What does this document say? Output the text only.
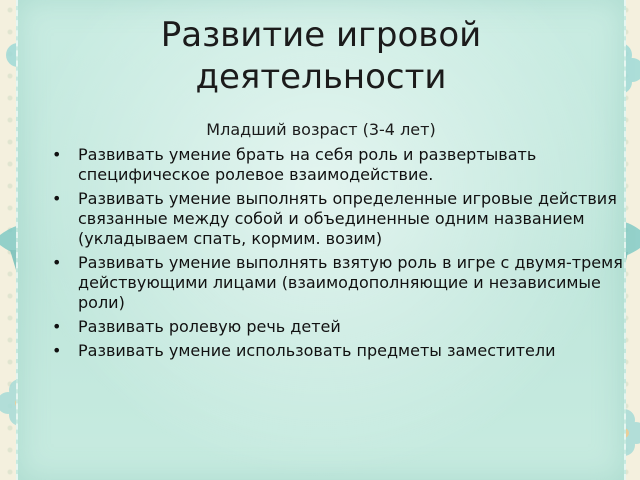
Развитие игровой
деятельности
Младший возраст (3-4 лет)
• Развивать умение брать на себя роль и развертывать специфическое ролевое взаимодействие.
• Развивать умение выполнять определенные игровые действия связанные между собой и объединенные одним названием (укладываем спать, кормим. возим)
• Развивать умение выполнять взятую роль в игре с двумя-тремя действующими лицами (взаимодополняющие и независимые роли)
• Развивать ролевую речь детей
• Развивать умение использовать предметы заместители
